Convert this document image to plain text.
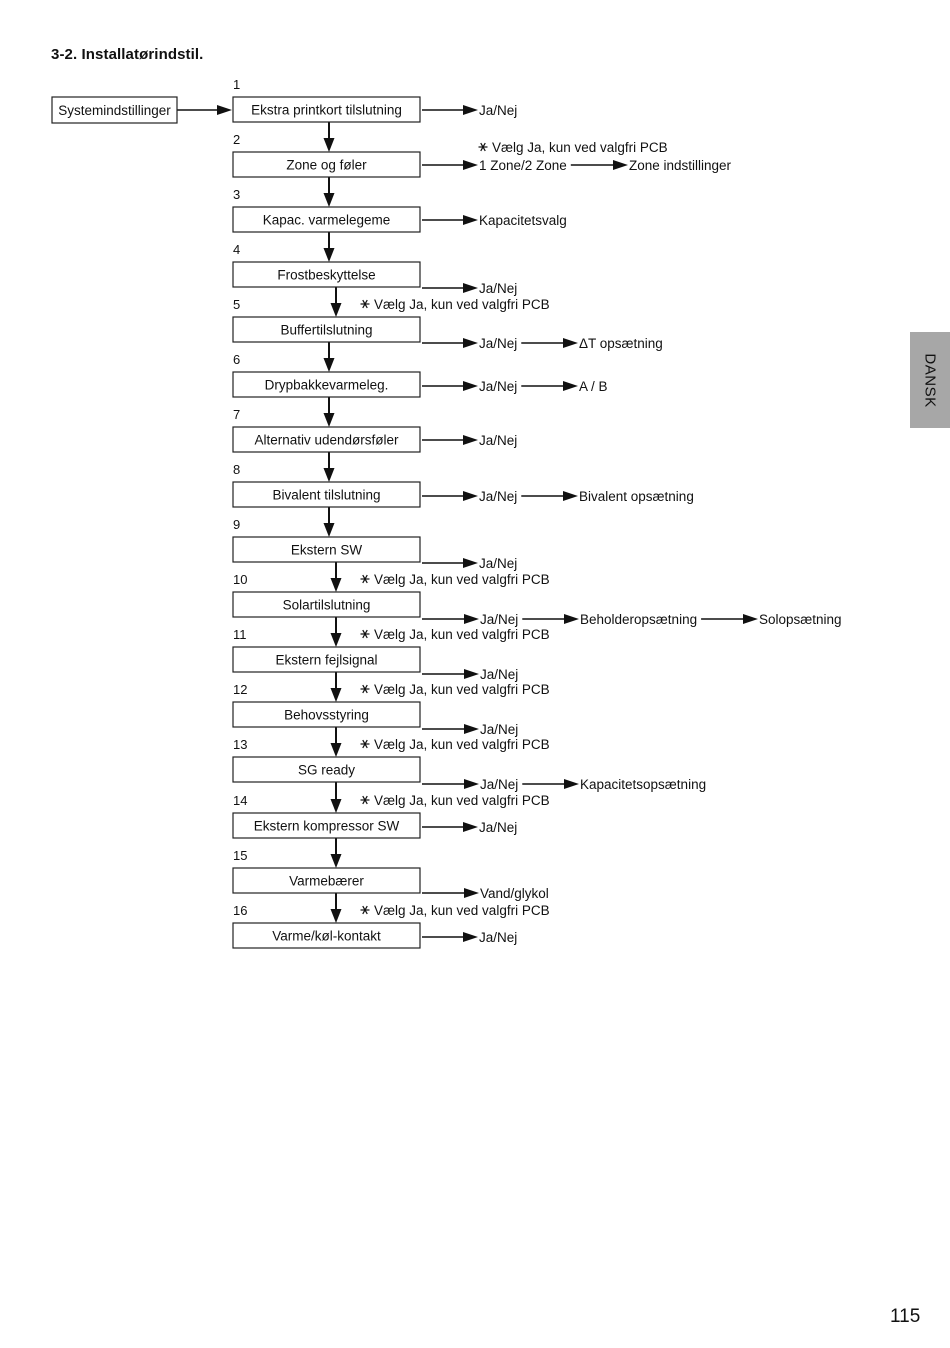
3-2. Installatørindstil.
Systemindstillinger
1
Ekstra printkort tilslutning	Ja/Nej
2
Zone og føler	1 Zone/2 Zone	Zone indstillinger
Vælg Ja, kun ved valgfri PCB
3
Kapac. varmelegeme	Kapacitetsvalg
4
Frostbeskyttelse
Ja/Nej
5
Buffertilslutning
Ja/Nej	ΔT opsætning
Vælg Ja, kun ved valgfri PCB
6
Drypbakkevarmeleg.	Ja/Nej	A / B
7
Alternativ udendørsføler	Ja/Nej
8
Bivalent tilslutning	Ja/Nej	Bivalent opsætning
9
Ekstern SW
Ja/Nej
10
Solartilslutning
Ja/Nej	Beholderopsætning	Solopsætning
Vælg Ja, kun ved valgfri PCB
11
Ekstern fejlsignal
Ja/Nej
Vælg Ja, kun ved valgfri PCB
12
Behovsstyring
Ja/Nej
Vælg Ja, kun ved valgfri PCB
13
SG ready
Ja/Nej	Kapacitetsopsætning
Vælg Ja, kun ved valgfri PCB
14
Ekstern kompressor SW	Ja/Nej
Vælg Ja, kun ved valgfri PCB
15
Varmebærer
Vand/glykol
16
Varme/køl-kontakt	Ja/Nej
Vælg Ja, kun ved valgfri PCB
DANSK
115
